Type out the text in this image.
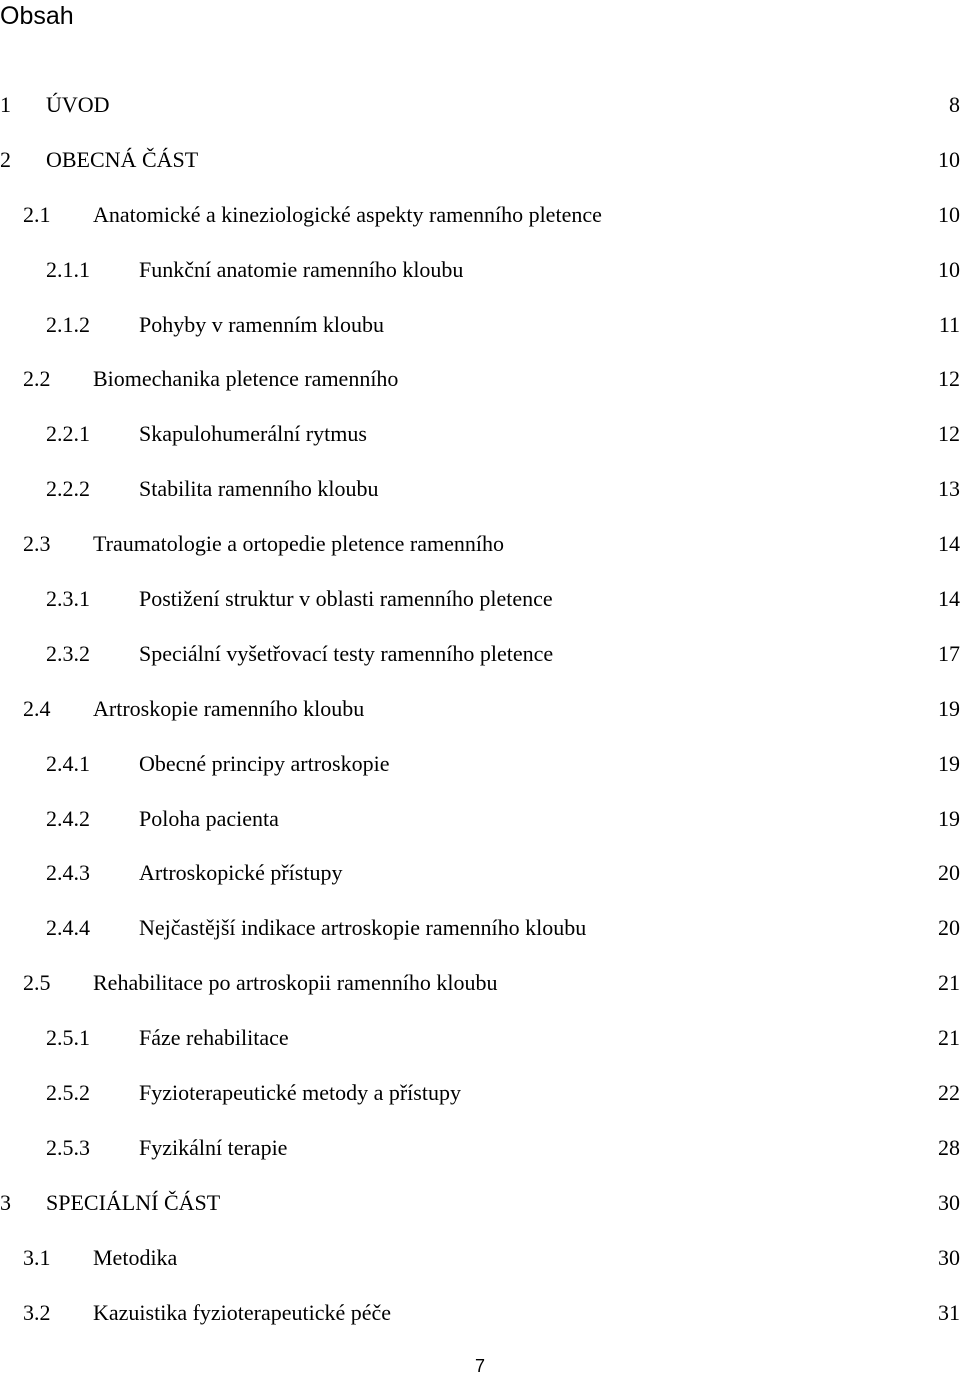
Obsah
1 ÚVOD	8
2 OBECNÁ ČÁST	10
2.1 Anatomické a kineziologické aspekty ramenního pletence	10
2.1.1 Funkční anatomie ramenního kloubu	10
2.1.2 Pohyby v ramenním kloubu	11
2.2 Biomechanika pletence ramenního	12
2.2.1 Skapulohumerální rytmus	12
2.2.2 Stabilita ramenního kloubu	13
2.3 Traumatologie a ortopedie pletence ramenního	14
2.3.1 Postižení struktur v oblasti ramenního pletence	14
2.3.2 Speciální vyšetřovací testy ramenního pletence	17
2.4 Artroskopie ramenního kloubu	19
2.4.1 Obecné principy artroskopie	19
2.4.2 Poloha pacienta	19
2.4.3 Artroskopické přístupy	20
2.4.4 Nejčastější indikace artroskopie ramenního kloubu	20
2.5 Rehabilitace po artroskopii ramenního kloubu	21
2.5.1 Fáze rehabilitace	21
2.5.2 Fyzioterapeutické metody a přístupy	22
2.5.3 Fyzikální terapie	28
3 SPECIÁLNÍ ČÁST	30
3.1 Metodika	30
3.2 Kazuistika fyzioterapeutické péče	31
7
